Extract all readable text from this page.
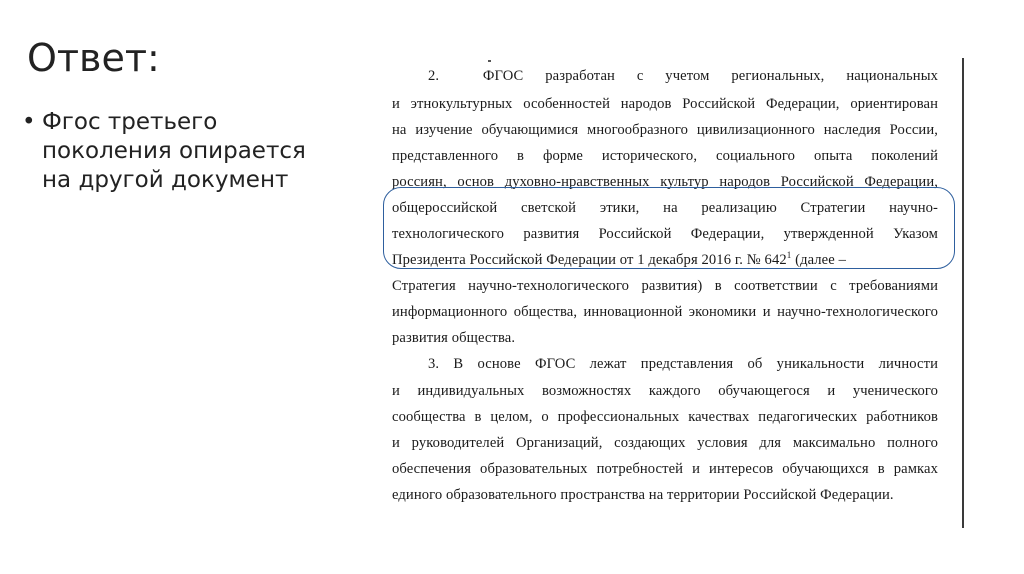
Ответ:
• Фгос третьего поколения опирается на другой документ
2.  ФГОС разработан с учетом региональных, национальных
и этнокультурных особенностей народов Российской Федерации, ориентирован
на изучение обучающимися многообразного цивилизационного наследия России,
представленного в форме исторического, социального опыта поколений
россиян, основ духовно-нравственных культур народов Российской Федерации,
общероссийской светской этики, на реализацию Стратегии научно-
технологического развития Российской Федерации, утвержденной Указом
Президента Российской Федерации от 1 декабря 2016 г. № $642^1$ (далее –
Стратегия научно-технологического развития) в соответствии с требованиями
информационного общества, инновационной экономики и научно-технологического
развития общества.
3. В основе ФГОС лежат представления об уникальности личности
и индивидуальных возможностях каждого обучающегося и ученического
сообщества в целом, о профессиональных качествах педагогических работников
и руководителей Организаций, создающих условия для максимально полного
обеспечения образовательных потребностей и интересов обучающихся в рамках
единого образовательного пространства на территории Российской Федерации.
